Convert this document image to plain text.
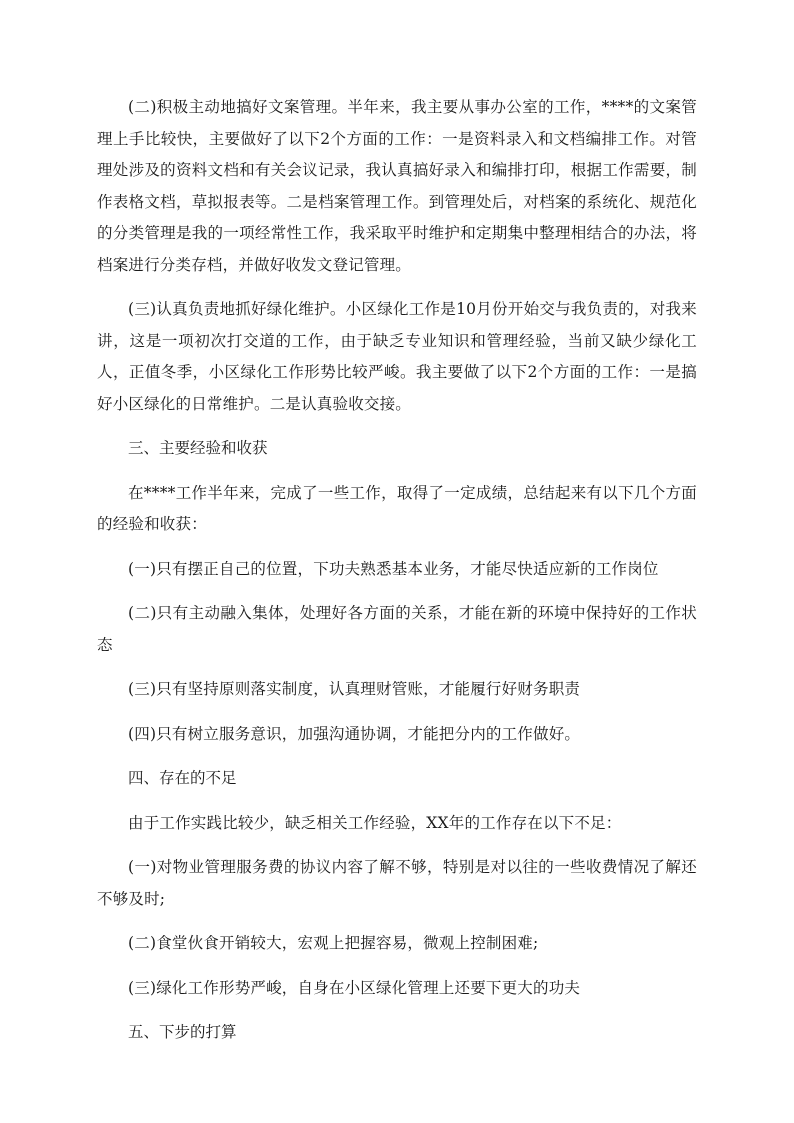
(二)积极主动地搞好文案管理。半年来，我主要从事办公室的工作，****的文案管理上手比较快，主要做好了以下2个方面的工作：一是资料录入和文档编排工作。对管理处涉及的资料文档和有关会议记录，我认真搞好录入和编排打印，根据工作需要，制作表格文档，草拟报表等。二是档案管理工作。到管理处后，对档案的系统化、规范化的分类管理是我的一项经常性工作，我采取平时维护和定期集中整理相结合的办法，将档案进行分类存档，并做好收发文登记管理。

(三)认真负责地抓好绿化维护。小区绿化工作是10月份开始交与我负责的，对我来讲，这是一项初次打交道的工作，由于缺乏专业知识和管理经验，当前又缺少绿化工人，正值冬季，小区绿化工作形势比较严峻。我主要做了以下2个方面的工作：一是搞好小区绿化的日常维护。二是认真验收交接。

三、主要经验和收获

在****工作半年来，完成了一些工作，取得了一定成绩，总结起来有以下几个方面的经验和收获：

(一)只有摆正自己的位置，下功夫熟悉基本业务，才能尽快适应新的工作岗位

(二)只有主动融入集体，处理好各方面的关系，才能在新的环境中保持好的工作状态

(三)只有坚持原则落实制度，认真理财管账，才能履行好财务职责

(四)只有树立服务意识，加强沟通协调，才能把分内的工作做好。

四、存在的不足

由于工作实践比较少，缺乏相关工作经验，XX年的工作存在以下不足：

(一)对物业管理服务费的协议内容了解不够，特别是对以往的一些收费情况了解还不够及时;

(二)食堂伙食开销较大，宏观上把握容易，微观上控制困难;

(三)绿化工作形势严峻，自身在小区绿化管理上还要下更大的功夫

五、下步的打算
